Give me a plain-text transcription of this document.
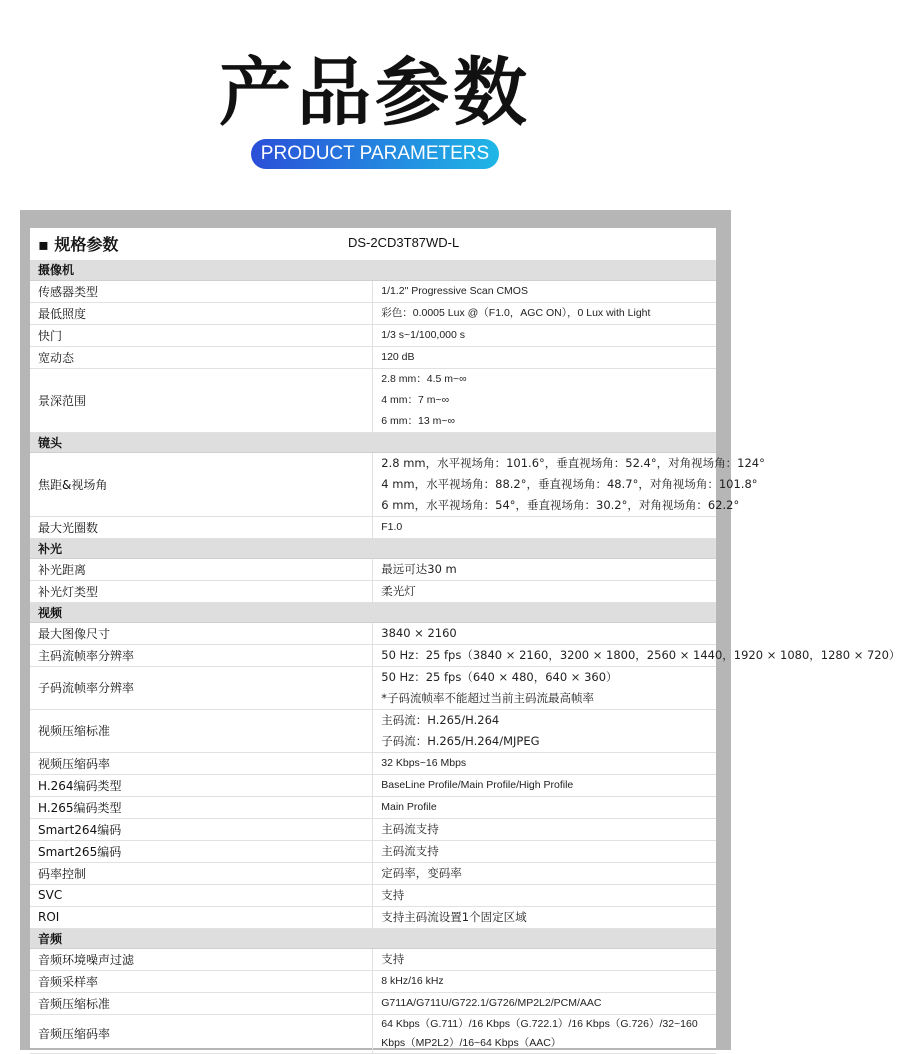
产品参数
PRODUCT PARAMETERS
▪ 规格参数	DS-2CD3T87WD-L
摄像机	
传感器类型	1/1.2" Progressive Scan CMOS

最低照度	彩色：0.0005 Lux @（F1.0，AGC ON），0 Lux with Light

快门	1/3 s~1/100,000 s

宽动态	120 dB

景深范围	2.8 mm：4.5 m~∞
4 mm：7 m~∞
6 mm：13 m~∞

镜头	
焦距&视场角	2.8 mm，水平视场角：101.6°，垂直视场角：52.4°，对角视场角：124°
4 mm，水平视场角：88.2°，垂直视场角：48.7°，对角视场角：101.8°
6 mm，水平视场角：54°，垂直视场角：30.2°，对角视场角：62.2°

最大光圈数	F1.0

补光	
补光距离	最远可达30 m

补光灯类型	柔光灯

视频	
最大图像尺寸	3840 × 2160

主码流帧率分辨率	50 Hz：25 fps（3840 × 2160，3200 × 1800，2560 × 1440，1920 × 1080，1280 × 720）

子码流帧率分辨率	50 Hz：25 fps（640 × 480，640 × 360）
*子码流帧率不能超过当前主码流最高帧率

视频压缩标准	主码流：H.265/H.264
子码流：H.265/H.264/MJPEG

视频压缩码率	32 Kbps~16 Mbps

H.264编码类型	BaseLine Profile/Main Profile/High Profile

H.265编码类型	Main Profile

Smart264编码	主码流支持

Smart265编码	主码流支持

码率控制	定码率，变码率

SVC	支持

ROI	支持主码流设置1个固定区域

音频	
音频环境噪声过滤	支持

音频采样率	8 kHz/16 kHz

音频压缩标准	G711A/G711U/G722.1/G726/MP2L2/PCM/AAC

音频压缩码率	64 Kbps（G.711）/16 Kbps（G.722.1）/16 Kbps（G.726）/32~160 Kbps（MP2L2）/16~64 Kbps（AAC）
